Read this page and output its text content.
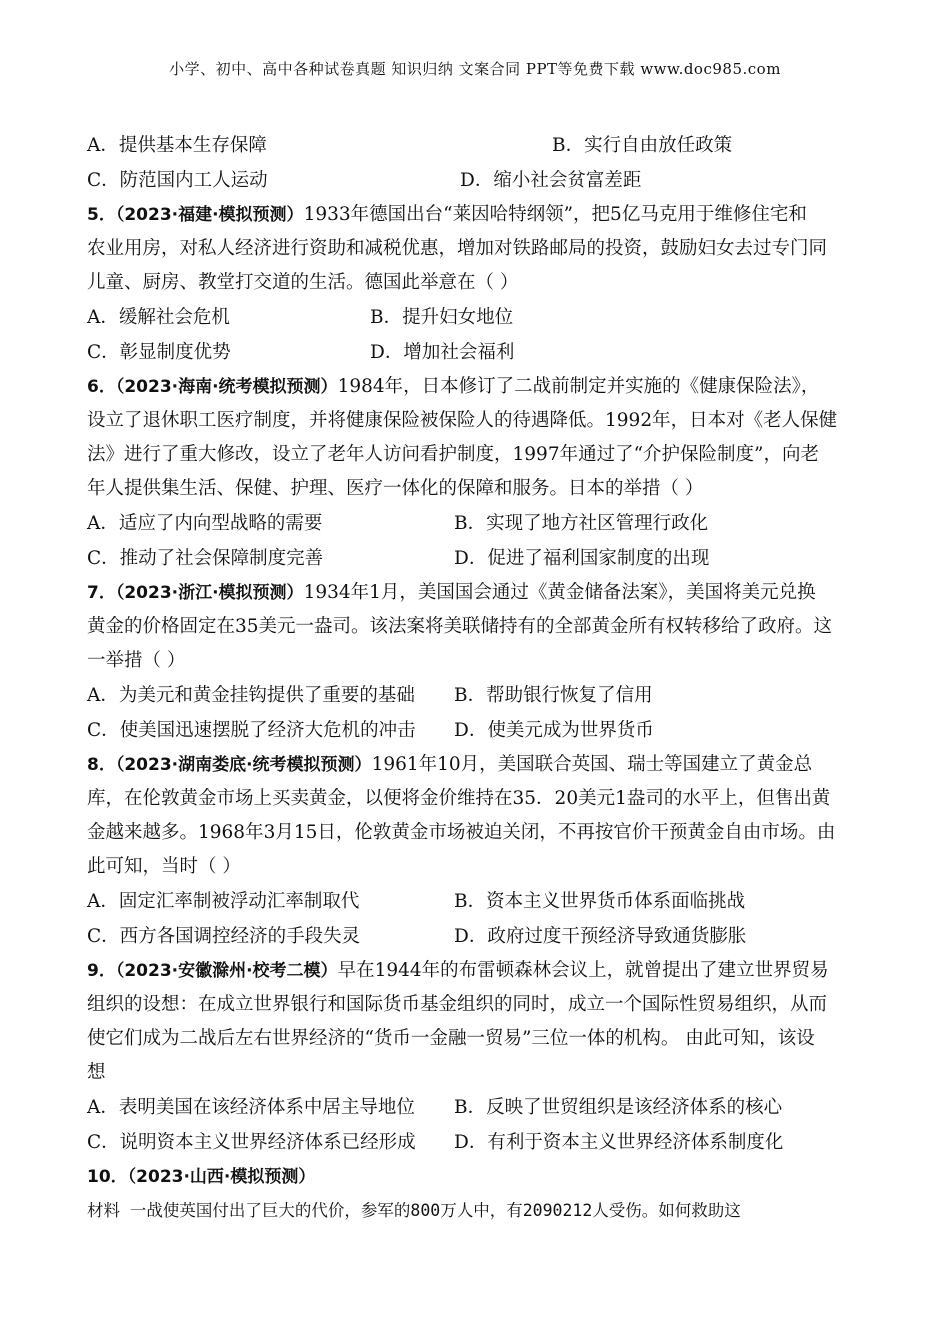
小学、初中、高中各种试卷真题 知识归纳 文案合同 PPT等免费下载 www.doc985.com
A．提供基本生存保障	B．实行自由放任政策
C．防范国内工人运动	D．缩小社会贫富差距
5．（2023·福建·模拟预测）1933年德国出台“莱因哈特纲领”，把5亿马克用于维修住宅和
农业用房，对私人经济进行资助和减税优惠，增加对铁路邮局的投资，鼓励妇女去过专门同
儿童、厨房、教堂打交道的生活。德国此举意在（ ）
A．缓解社会危机	B．提升妇女地位
C．彰显制度优势	D．增加社会福利
6．（2023·海南·统考模拟预测）1984年，日本修订了二战前制定并实施的《健康保险法》，
设立了退休职工医疗制度，并将健康保险被保险人的待遇降低。1992年，日本对《老人保健
法》进行了重大修改，设立了老年人访问看护制度，1997年通过了“介护保险制度”，向老
年人提供集生活、保健、护理、医疗一体化的保障和服务。日本的举措（ ）
A．适应了内向型战略的需要	B．实现了地方社区管理行政化
C．推动了社会保障制度完善	D．促进了福利国家制度的出现
7．（2023·浙江·模拟预测）1934年1月，美国国会通过《黄金储备法案》，美国将美元兑换
黄金的价格固定在35美元一盎司。该法案将美联储持有的全部黄金所有权转移给了政府。这
一举措（ ）
A．为美元和黄金挂钩提供了重要的基础 B．帮助银行恢复了信用
C．使美国迅速摆脱了经济大危机的冲击 D．使美元成为世界货币
8．（2023·湖南娄底·统考模拟预测）1961年10月，美国联合英国、瑞士等国建立了黄金总
库，在伦敦黄金市场上买卖黄金，以便将金价维持在35．20美元1盎司的水平上，但售出黄
金越来越多。1968年3月15日，伦敦黄金市场被迫关闭，不再按官价干预黄金自由市场。由
此可知，当时（ ）
A．固定汇率制被浮动汇率制取代	B．资本主义世界货币体系面临挑战
C．西方各国调控经济的手段失灵	D．政府过度干预经济导致通货膨胀
9．（2023·安徽滁州·校考二模）早在1944年的布雷顿森林会议上，就曾提出了建立世界贸易
组织的设想：在成立世界银行和国际货币基金组织的同时，成立一个国际性贸易组织，从而
使它们成为二战后左右世界经济的“货币一金融一贸易”三位一体的机构。 由此可知，该设
想
A．表明美国在该经济体系中居主导地位 B．反映了世贸组织是该经济体系的核心
C．说明资本主义世界经济体系已经形成 D．有利于资本主义世界经济体系制度化
10．（2023·山西·模拟预测）
材料 一战使英国付出了巨大的代价，参军的800万人中，有2090212人受伤。如何救助这
